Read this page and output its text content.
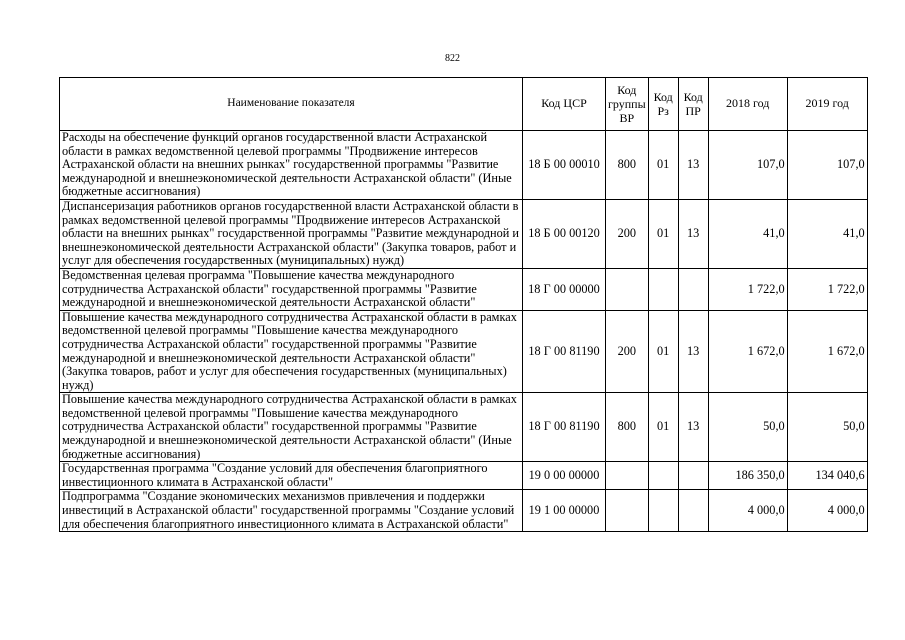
822
Наименование показателя	Код ЦСР	Код группы ВР	Код Рз	Код ПР	2018 год	2019 год
Расходы на обеспечение функций органов государственной власти Астраханской области в рамках ведомственной целевой программы "Продвижение интересов Астраханской области на внешних рынках" государственной программы "Развитие международной и внешнеэкономической деятельности Астраханской области" (Иные бюджетные ассигнования)	18 Б 00 00010	800	01	13	107,0	107,0
Диспансеризация работников органов государственной власти Астраханской области в рамках ведомственной целевой программы "Продвижение интересов Астраханской области на внешних рынках" государственной программы "Развитие международной и внешнеэкономической деятельности Астраханской области" (Закупка товаров, работ и услуг для обеспечения государственных (муниципальных) нужд)	18 Б 00 00120	200	01	13	41,0	41,0
Ведомственная целевая программа "Повышение качества международного сотрудничества Астраханской области" государственной программы "Развитие международной и внешнеэкономической деятельности Астраханской области"	18 Г 00 00000				1 722,0	1 722,0
Повышение качества международного сотрудничества Астраханской области в рамках ведомственной целевой программы "Повышение качества международного сотрудничества Астраханской области" государственной программы "Развитие международной и внешнеэкономической деятельности Астраханской области" (Закупка товаров, работ и услуг для обеспечения государственных (муниципальных) нужд)	18 Г 00 81190	200	01	13	1 672,0	1 672,0
Повышение качества международного сотрудничества Астраханской области в рамках ведомственной целевой программы "Повышение качества международного сотрудничества Астраханской области" государственной программы "Развитие международной и внешнеэкономической деятельности Астраханской области" (Иные бюджетные ассигнования)	18 Г 00 81190	800	01	13	50,0	50,0
Государственная программа "Создание условий для обеспечения благоприятного инвестиционного климата в Астраханской области"	19 0 00 00000				186 350,0	134 040,6
Подпрограмма "Создание экономических механизмов привлечения и поддержки инвестиций в Астраханской области" государственной программы "Создание условий для обеспечения благоприятного инвестиционного климата в Астраханской области"	19 1 00 00000				4 000,0	4 000,0
